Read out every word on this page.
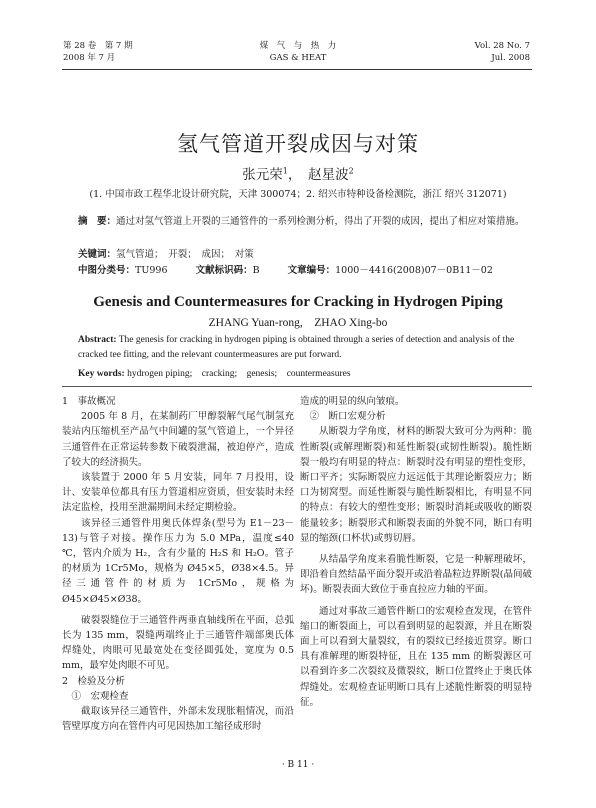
第 28 卷　第 7 期
2008 年 7 月
煤　气　与　热　力
GAS & HEAT
Vol. 28 No. 7
Jul. 2008
氢气管道开裂成因与对策
张元荣$^1$，　赵星波$^2$
(1. 中国市政工程华北设计研究院，天津 300074；2. 绍兴市特种设备检测院，浙江 绍兴 312071)
摘　要：通过对氢气管道上开裂的三通管件的一系列检测分析，得出了开裂的成因，提出了相应对策措施。
关键词：氢气管道；　开裂；　成因；　对策
中图分类号：TU996	文献标识码：B	文章编号：1000－4416(2008)07－0B11－02
Genesis and Countermeasures for Cracking in Hydrogen Piping
ZHANG Yuan-rong,　ZHAO Xing-bo
Abstract: The genesis for cracking in hydrogen piping is obtained through a series of detection and analysis of the cracked tee fitting, and the relevant countermeasures are put forward.
Key words: hydrogen piping;　cracking;　genesis;　countermeasures

1　事故概况

2005 年 8 月，在某制药厂甲醇裂解气尾气制氢充装站内压缩机至产品气中间罐的氢气管道上，一个异径三通管件在正常运转参数下破裂泄漏，被迫停产，造成了较大的经济损失。

该装置于 2000 年 5 月安装，同年 7 月投用，设计、安装单位都具有压力管道相应资质，但安装时未经法定监检，投用至泄漏期间未经定期检验。

该异径三通管件用奥氏体焊条(型号为 E1－23－13)与管子对接。操作压力为 5.0 MPa，温度≤40 ℃，管内介质为 H₂，含有少量的 H₂S 和 H₂O。管子的材质为 1Cr5Mo，规格为 Ø45×5，Ø38×4.5。异径三通管件的材质为 1Cr5Mo，规格为 Ø45×Ø45×Ø38。

破裂裂缝位于三通管件两垂直轴线所在平面，总弧长为 135 mm，裂缝两端终止于三通管件端部奥氏体焊缝处，肉眼可见最宽处在变径圆弧处，宽度为 0.5 mm，最窄处肉眼不可见。

2　检验及分析

①　宏观检查

截取该异径三通管件，外部未发现胀粗情况，而沿管壁厚度方向在管件内可见因热加工缩径成形时

造成的明显的纵向皱痕。

②　断口宏观分析

从断裂力学角度，材料的断裂大致可分为两种：脆性断裂(或解理断裂)和延性断裂(或韧性断裂)。脆性断裂一般均有明显的特点：断裂时没有明显的塑性变形，断口平齐；实际断裂应力远远低于其理论断裂应力；断口为韧窝型。而延性断裂与脆性断裂相比，有明显不同的特点：有较大的塑性变形；断裂时消耗或吸收的断裂能量较多；断裂形式和断裂表面的外貌不同，断口有明显的缩颈(口杯状)或剪切唇。

从结晶学角度来看脆性断裂，它是一种解理破坏，即沿着自然结晶平面分裂开或沿着晶粒边界断裂(晶间破坏)。断裂表面大致位于垂直拉应力轴的平面。

通过对事故三通管件断口的宏观检查发现，在管件缩口的断裂面上，可以看到明显的起裂源，并且在断裂面上可以看到大量裂纹，有的裂纹已经接近贯穿。断口具有准解理的断裂特征，且在 135 mm 的断裂源区可以看到许多二次裂纹及微裂纹，断口位置终止于奥氏体焊缝处。宏观检查证明断口具有上述脆性断裂的明显特征。

· B 11 ·
